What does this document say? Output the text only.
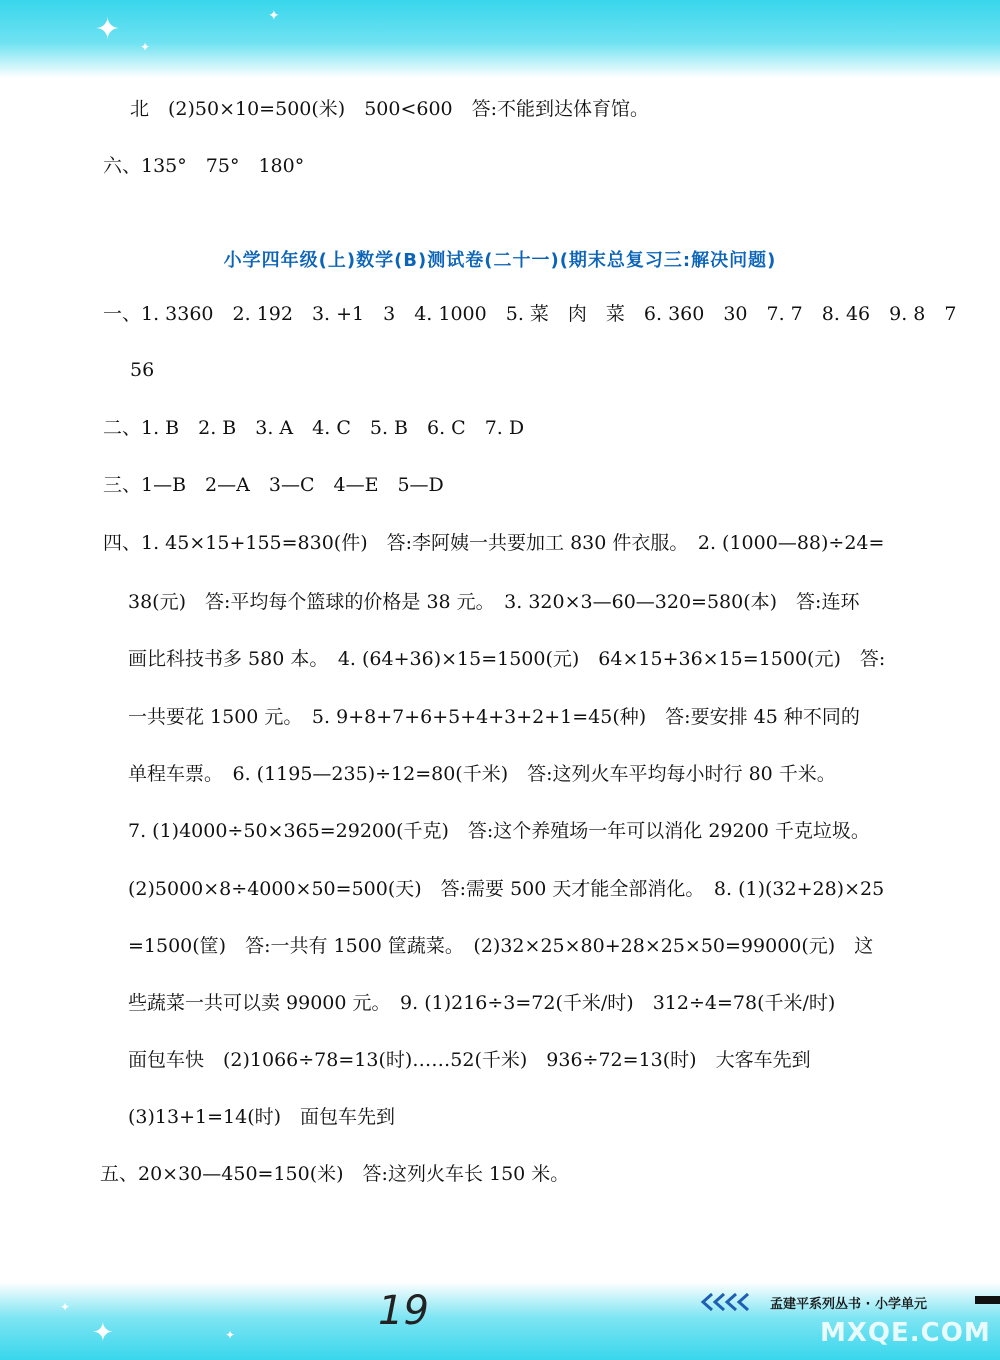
✦ ✦
✦
北　(2)50×10=500(米)　500<600　答:不能到达体育馆。
六、135°　75°　180°
小学四年级(上)数学(B)测试卷(二十一)(期末总复习三:解决问题)
一、1. 3360　2. 192　3. +1　3　4. 1000　5. 菜　肉　菜　6. 360　30　7. 7　8. 46　9. 8　7
56
二、1. B　2. B　3. A　4. C　5. B　6. C　7. D
三、1—B　2—A　3—C　4—E　5—D
四、1. 45×15+155=830(件)　答:李阿姨一共要加工 830 件衣服。　2. (1000—88)÷24=
38(元)　答:平均每个篮球的价格是 38 元。　3. 320×3—60—320=580(本)　答:连环
画比科技书多 580 本。　4. (64+36)×15=1500(元)　64×15+36×15=1500(元)　答:
一共要花 1500 元。　5. 9+8+7+6+5+4+3+2+1=45(种)　答:要安排 45 种不同的
单程车票。　6. (1195—235)÷12=80(千米)　答:这列火车平均每小时行 80 千米。
7. (1)4000÷50×365=29200(千克)　答:这个养殖场一年可以消化 29200 千克垃圾。
(2)5000×8÷4000×50=500(天)　答:需要 500 天才能全部消化。　8. (1)(32+28)×25
=1500(筐)　答:一共有 1500 筐蔬菜。　(2)32×25×80+28×25×50=99000(元)　这
些蔬菜一共可以卖 99000 元。　9. (1)216÷3=72(千米/时)　312÷4=78(千米/时)
面包车快　(2)1066÷78=13(时)……52(千米)　936÷72=13(时)　大客车先到
(3)13+1=14(时)　面包车先到
五、20×30—450=150(米)　答:这列火车长 150 米。
✦
✦
✦
19	孟建平系列丛书 · 小学单元
MXQE.COM
